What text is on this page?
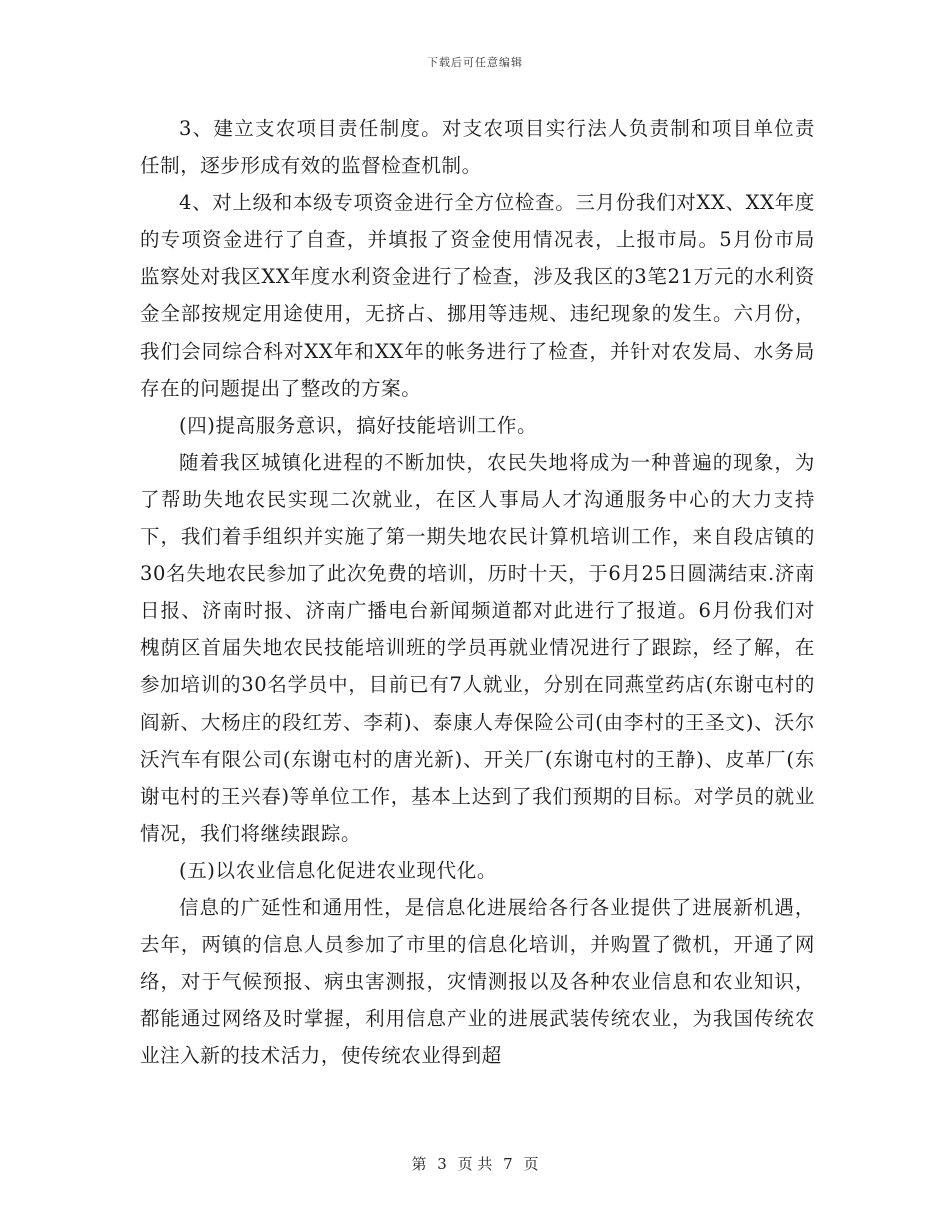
下载后可任意编辑

3、建立支农项目责任制度。对支农项目实行法人负责制和项目单位责任制，逐步形成有效的监督检查机制。

4、对上级和本级专项资金进行全方位检查。三月份我们对XX、XX年度的专项资金进行了自查，并填报了资金使用情况表，上报市局。5月份市局监察处对我区XX年度水利资金进行了检查，涉及我区的3笔21万元的水利资金全部按规定用途使用，无挤占、挪用等违规、违纪现象的发生。六月份，我们会同综合科对XX年和XX年的帐务进行了检查，并针对农发局、水务局存在的问题提出了整改的方案。

(四)提高服务意识，搞好技能培训工作。

随着我区城镇化进程的不断加快，农民失地将成为一种普遍的现象，为了帮助失地农民实现二次就业，在区人事局人才沟通服务中心的大力支持下，我们着手组织并实施了第一期失地农民计算机培训工作，来自段店镇的30名失地农民参加了此次免费的培训，历时十天，于6月25日圆满结束.济南日报、济南时报、济南广播电台新闻频道都对此进行了报道。6月份我们对槐荫区首届失地农民技能培训班的学员再就业情况进行了跟踪，经了解，在参加培训的30名学员中，目前已有7人就业，分别在同燕堂药店(东谢屯村的阎新、大杨庄的段红芳、李莉)、泰康人寿保险公司(由李村的王圣文)、沃尔沃汽车有限公司(东谢屯村的唐光新)、开关厂(东谢屯村的王静)、皮革厂(东谢屯村的王兴春)等单位工作，基本上达到了我们预期的目标。对学员的就业情况，我们将继续跟踪。

(五)以农业信息化促进农业现代化。

信息的广延性和通用性，是信息化进展给各行各业提供了进展新机遇，去年，两镇的信息人员参加了市里的信息化培训，并购置了微机，开通了网络，对于气候预报、病虫害测报，灾情测报以及各种农业信息和农业知识，都能通过网络及时掌握，利用信息产业的进展武装传统农业，为我国传统农业注入新的技术活力，使传统农业得到超

第 3 页 共 7 页
